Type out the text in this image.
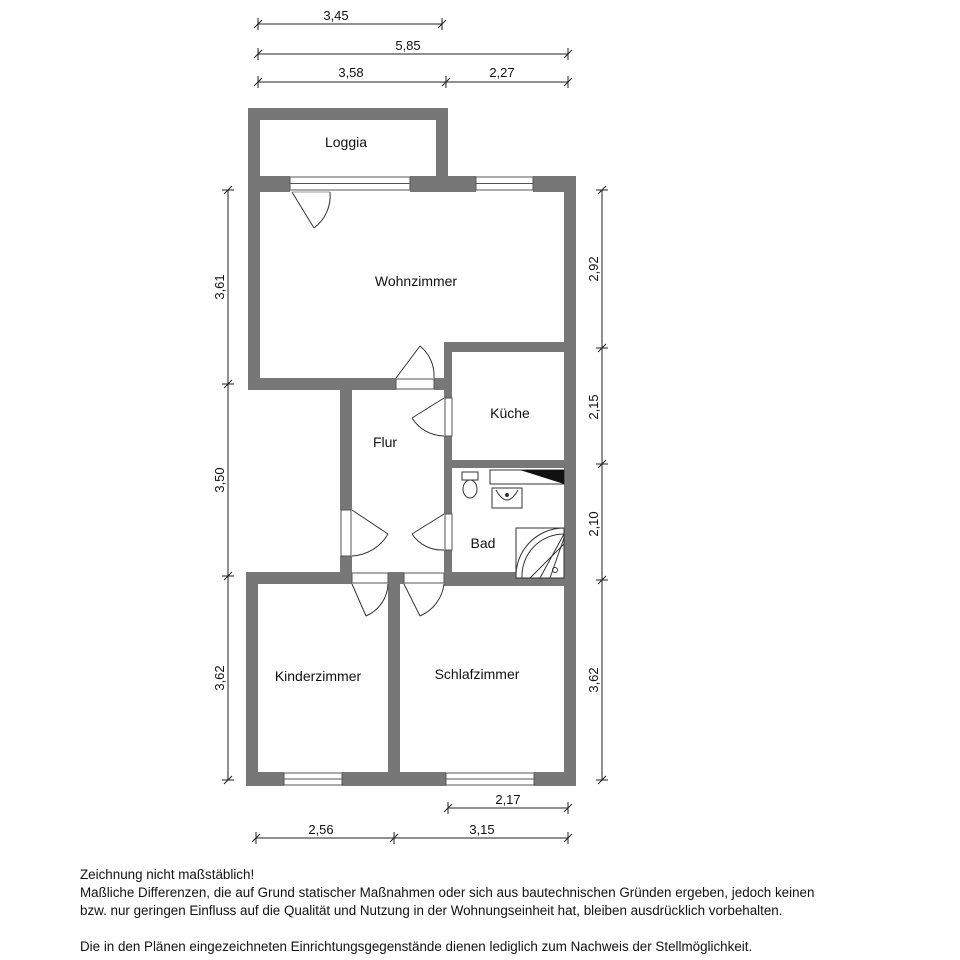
Loggia
Wohnzimmer
Küche
Flur
Bad
Kinderzimmer	Schlafzimmer
3,45
5,85
3,58	2,27
3,61
3,50
3,62
2,92
2,15
2,10
3,62
2,17
2,56	3,15

Zeichnung nicht maßstäblich!

Maßliche Differenzen, die auf Grund statischer Maßnahmen oder sich aus bautechnischen Gründen ergeben, jedoch keinen

bzw. nur geringen Einfluss auf die Qualität und Nutzung in der Wohnungseinheit hat, bleiben ausdrücklich vorbehalten.

Die in den Plänen eingezeichneten Einrichtungsgegenstände dienen lediglich zum Nachweis der Stellmöglichkeit.
